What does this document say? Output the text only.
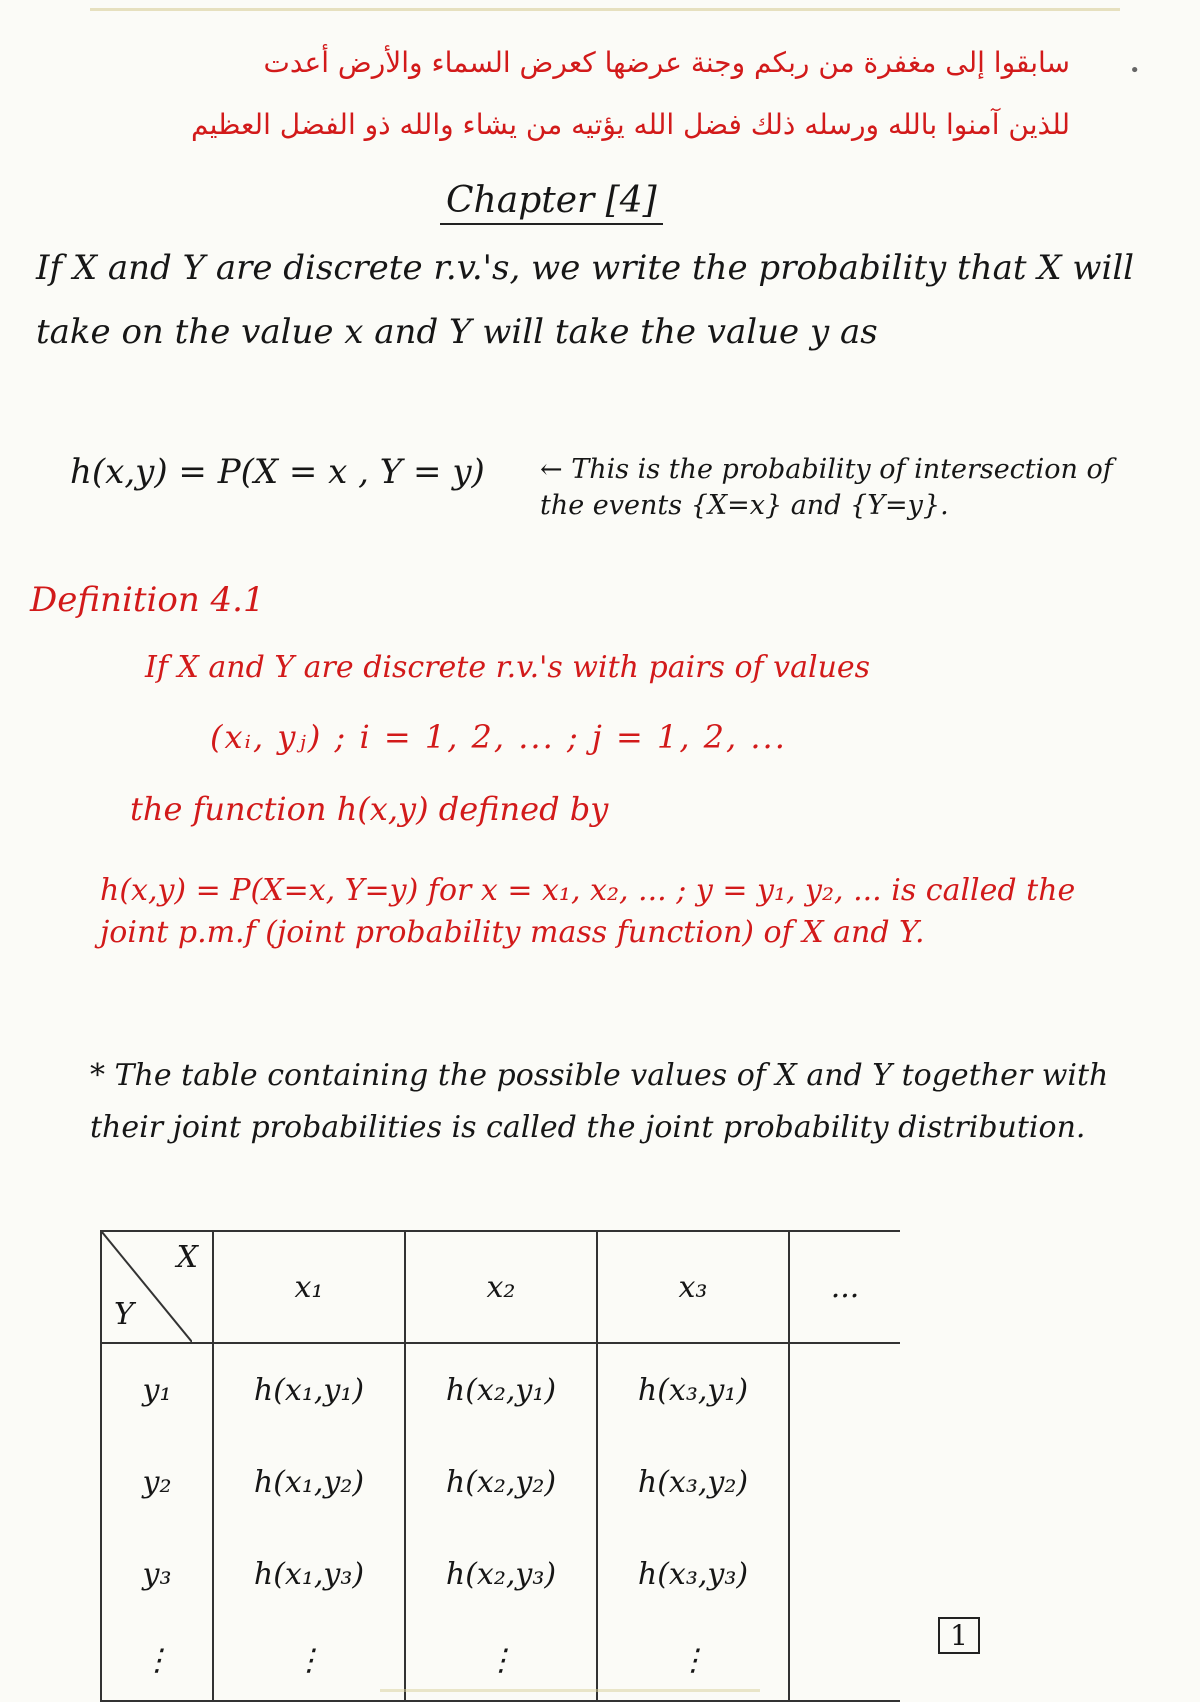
•
سابقوا إلى مغفرة من ربكم وجنة عرضها كعرض السماء والأرض أعدت
للذين آمنوا بالله ورسله ذلك فضل الله يؤتيه من يشاء والله ذو الفضل العظيم
Chapter [4]
If X and Y are discrete r.v.'s, we write the probability that X will take on the value x and Y will take the value y as
h(x,y) = P(X = x , Y = y) ← This is the probability of intersection of the events {X=x} and {Y=y}.
Definition 4.1
If X and Y are discrete r.v.'s with pairs of values
(xᵢ, yⱼ) ; i = 1, 2, ... ; j = 1, 2, ...
the function h(x,y) defined by
h(x,y) = P(X=x, Y=y) for x = x₁, x₂, ... ; y = y₁, y₂, ... is called the joint p.m.f (joint probability mass function) of X and Y.
* The table containing the possible values of X and Y together with their joint probabilities is called the joint probability distribution.
X
Y	x₁	x₂	x₃	...
y₁	h(x₁,y₁)	h(x₂,y₁)	h(x₃,y₁)	
y₂	h(x₁,y₂)	h(x₂,y₂)	h(x₃,y₂)	
y₃	h(x₁,y₃)	h(x₂,y₃)	h(x₃,y₃)	
⋮	⋮	⋮	⋮	
1
